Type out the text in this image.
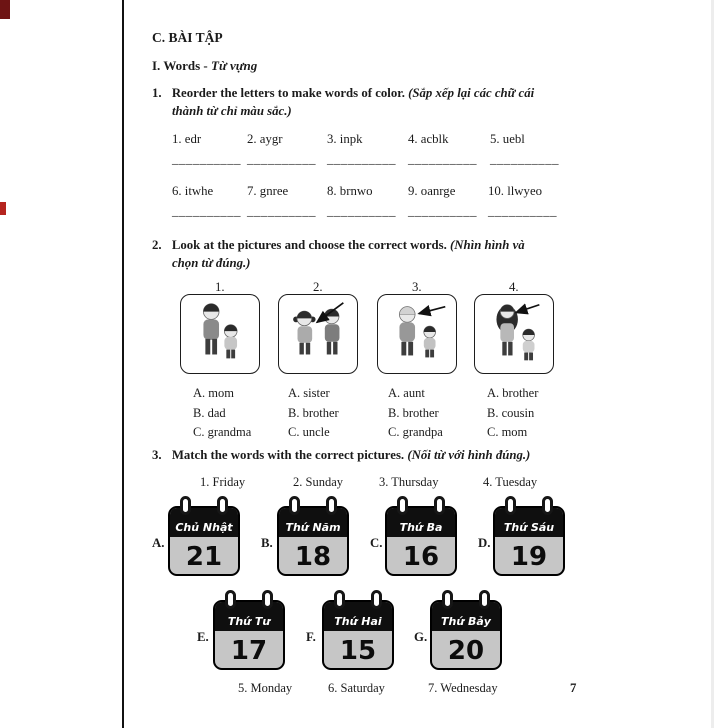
C. BÀI TẬP
I. Words - Từ vựng
1. Reorder the letters to make words of color. (Sắp xếp lại các chữ cái
thành từ chỉ màu sắc.)
1. edr	2. aygr	3. inpk	4. acblk	5. uebl
__________ __________ __________ __________ __________
6. itwhe	7. gnree	8. brnwo	9. oanrge	10. llwyeo
__________ __________ __________ __________ __________
2. Look at the pictures and choose the correct words. (Nhìn hình và
chọn từ đúng.)
1.	2.	3.	4.
A. mom
B. dad
C. grandma
A. sister
B. brother
C. uncle
A. aunt
B. brother
C. grandpa
A. brother
B. cousin
C. mom
3. Match the words with the correct pictures. (Nối từ với hình đúng.)
1. Friday	2. Sunday	3. Thursday	4. Tuesday
A.
Chủ Nhật
21	B.
Thứ Năm
18	C.
Thứ Ba
16	D.
Thứ Sáu
19
E.
Thứ Tư
17	F.
Thứ Hai
15	G.
Thứ Bảy
20
5. Monday	6. Saturday	7. Wednesday	7
